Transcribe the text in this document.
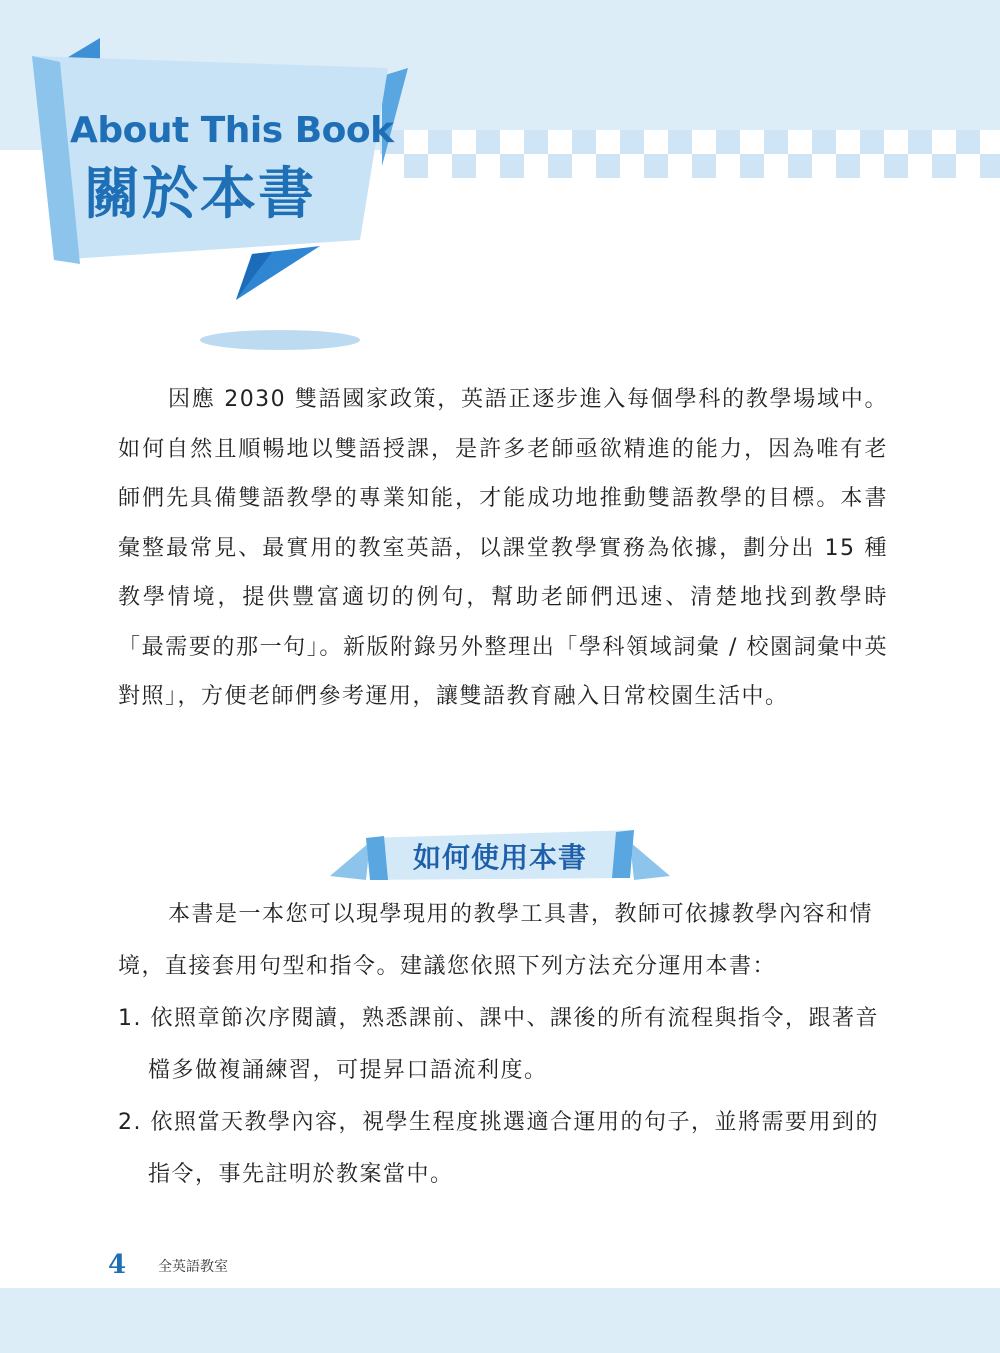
About This Book
關於本書

因應 2030 雙語國家政策，英語正逐步進入每個學科的教學場域中。如何自然且順暢地以雙語授課，是許多老師亟欲精進的能力，因為唯有老師們先具備雙語教學的專業知能，才能成功地推動雙語教學的目標。本書彙整最常見、最實用的教室英語，以課堂教學實務為依據，劃分出 15 種教學情境，提供豐富適切的例句，幫助老師們迅速、清楚地找到教學時「最需要的那一句」。新版附錄另外整理出「學科領域詞彙 / 校園詞彙中英對照」，方便老師們參考運用，讓雙語教育融入日常校園生活中。

如何使用本書

本書是一本您可以現學現用的教學工具書，教師可依據教學內容和情境，直接套用句型和指令。建議您依照下列方法充分運用本書：

1. 依照章節次序閱讀，熟悉課前、課中、課後的所有流程與指令，跟著音檔多做複誦練習，可提昇口語流利度。
2. 依照當天教學內容，視學生程度挑選適合運用的句子，並將需要用到的指令，事先註明於教案當中。
4 全英語教室
